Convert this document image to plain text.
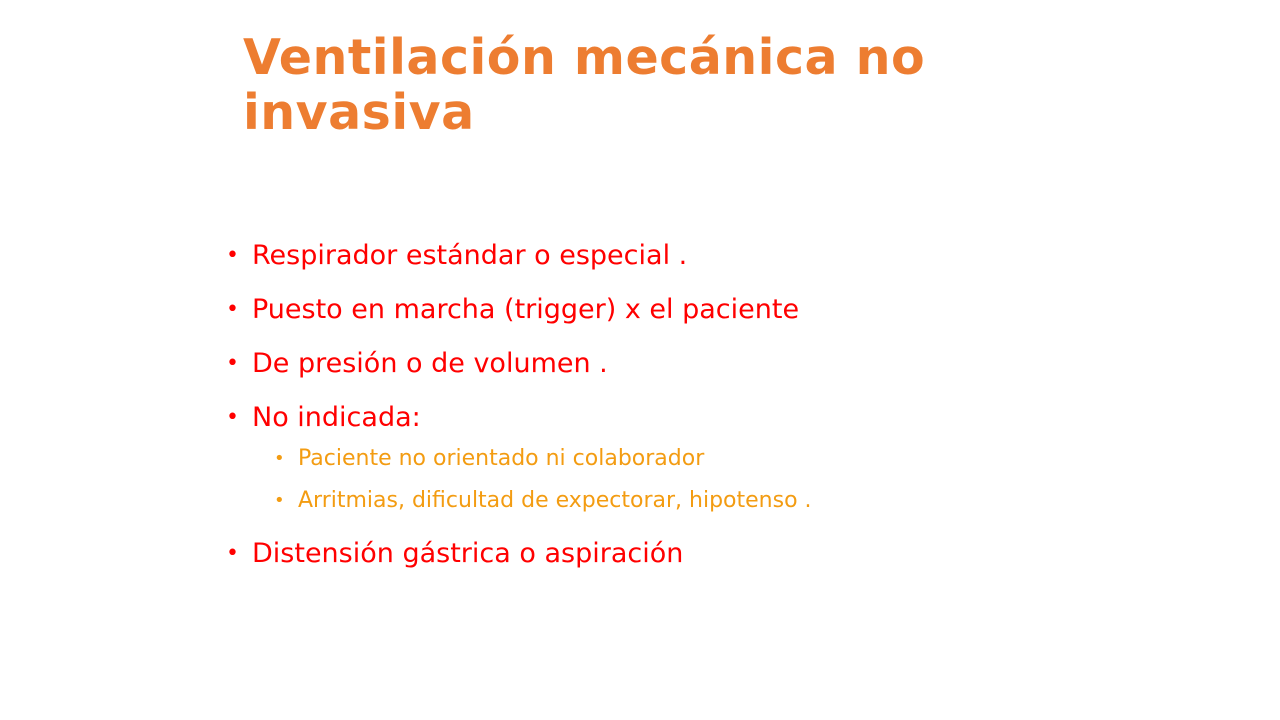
Ventilación mecánica no invasiva
• Respirador estándar o especial .
• Puesto en marcha (trigger) x el paciente
• De presión o de volumen .
• No indicada:
• Paciente no orientado ni colaborador
• Arritmias, dificultad de expectorar, hipotenso .
• Distensión gástrica o aspiración
